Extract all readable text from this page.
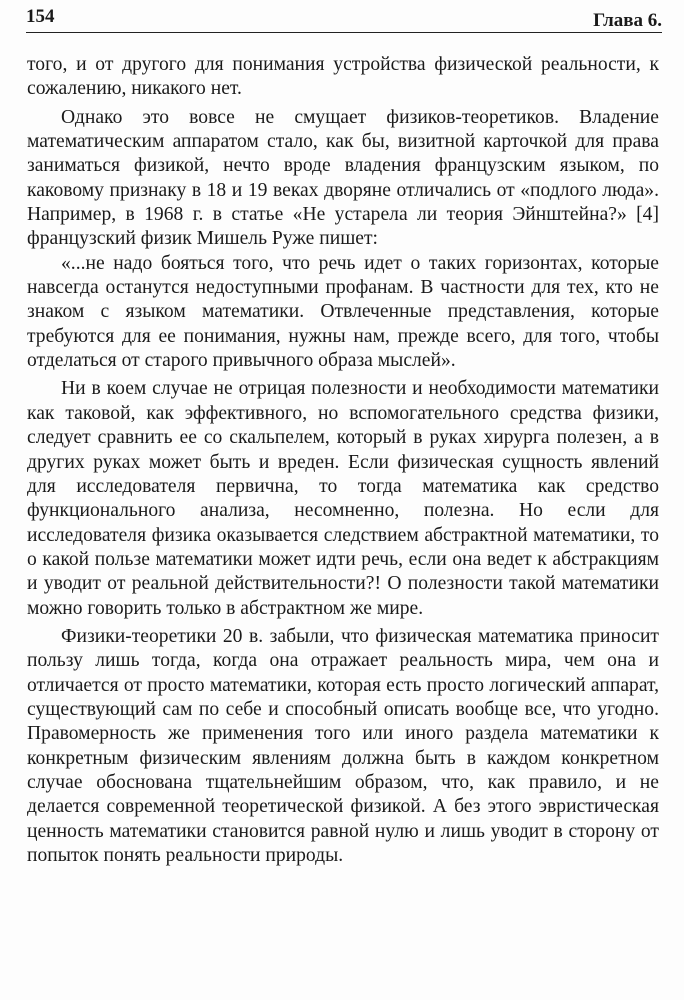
154	Глава 6.

того, и от другого для понимания устройства физической реальности, к сожалению, никакого нет.

Однако это вовсе не смущает физиков-теоретиков. Владение математическим аппаратом стало, как бы, визитной карточкой для права заниматься физикой, нечто вроде владения французским языком, по каковому признаку в 18 и 19 веках дворяне отличались от «подлого люда». Например, в 1968 г. в статье «Не устарела ли теория Эйнштейна?» [4] французский физик Мишель Руже пишет:

«...не надо бояться того, что речь идет о таких горизонтах, которые навсегда останутся недоступными профанам. В частности для тех, кто не знаком с языком математики. Отвлеченные представления, которые требуются для ее понимания, нужны нам, прежде всего, для того, чтобы отделаться от старого привычного образа мыслей».

Ни в коем случае не отрицая полезности и необходимости математики как таковой, как эффективного, но вспомогательного средства физики, следует сравнить ее со скальпелем, который в руках хирурга полезен, а в других руках может быть и вреден. Если физическая сущность явлений для исследователя первична, то тогда математика как средство функционального анализа, несомненно, полезна. Но если для исследователя физика оказывается следствием абстрактной математики, то о какой пользе математики может идти речь, если она ведет к абстракциям и уводит от реальной действительности?! О полезности такой математики можно говорить только в абстрактном же мире.

Физики-теоретики 20 в. забыли, что физическая математика приносит пользу лишь тогда, когда она отражает реальность мира, чем она и отличается от просто математики, которая есть просто логический аппарат, существующий сам по себе и способный описать вообще все, что угодно. Правомерность же применения того или иного раздела математики к конкретным физическим явлениям должна быть в каждом конкретном случае обоснована тщательнейшим образом, что, как правило, и не делается современной теоретической физикой. А без этого эвристическая ценность математики становится равной нулю и лишь уводит в сторону от попыток понять реальности природы.
